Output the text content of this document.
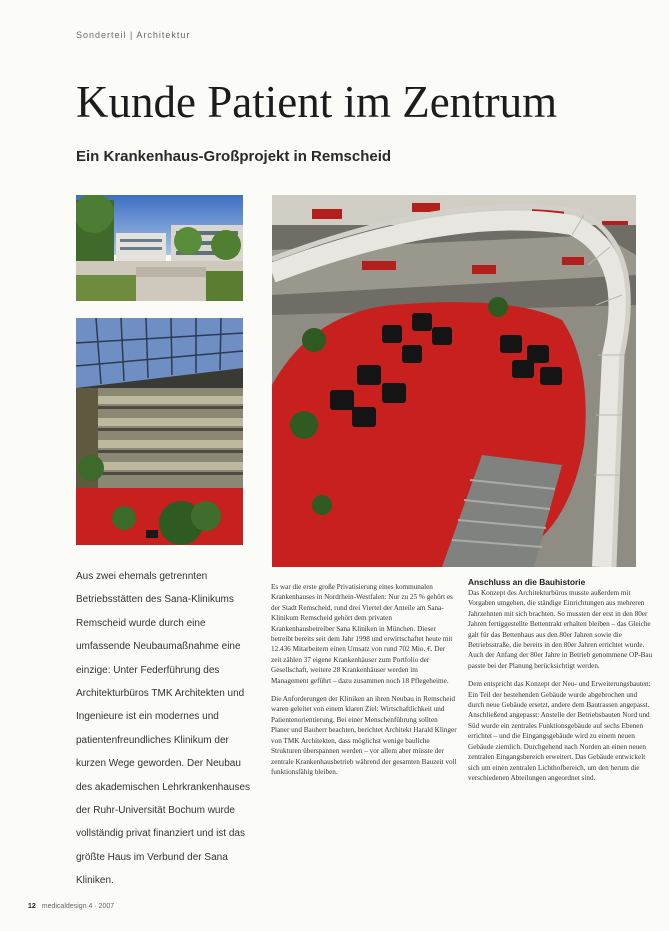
Sonderteil | Architektur
Kunde Patient im Zentrum
Ein Krankenhaus-Großprojekt in Remscheid

Aus zwei ehemals getrennten Betriebsstätten des Sana-Klinikums Remscheid wurde durch eine umfassende Neubaumaßnahme eine einzige: Unter Federführung des Architekturbüros TMK Architekten und Ingenieure ist ein modernes und patientenfreundliches Klinikum der kurzen Wege geworden. Der Neubau des akademischen Lehrkrankenhauses der Ruhr-Universität Bochum wurde vollständig privat finanziert und ist das größte Haus im Verbund der Sana Kliniken.

Es war die erste große Privatisierung eines kommunalen Krankenhauses in Nordrhein-Westfalen: Nur zu 25 % gehört es der Stadt Remscheid, rund drei Viertel der Anteile am Sana-Klinikum Remscheid gehört dem privaten Krankenhausbetreiber Sana Kliniken in München. Dieser betreibt bereits seit dem Jahr 1998 und erwirtschaftet heute mit 12.436 Mitarbeitern einen Umsatz von rund 702 Mio. €. Der zeit zählen 37 eigene Krankenhäuser zum Portfolio der Gesellschaft, weitere 28 Krankenhäuser werden im Management geführt – dazu zusammen noch 18 Pflegeheime.

Die Anforderungen der Kliniken an ihren Neubau in Remscheid waren geleitet von einem klaren Ziel: Wirtschaftlichkeit und Patientenorientierung. Bei einer Menschenführung sollten Planer und Bauherr beachten, berichtet Architekt Harald Klinger von TMK Architekten, dass möglichst wenige bauliche Strukturen überspannen werden – vor allem aber müsste der zentrale Krankenhausbetrieb während der gesamten Bauzeit voll funktionsfähig bleiben.

Anschluss an die Bauhistorie

Das Konzept des Architekturbüros musste außerdem mit Vorgaben umgehen, die ständige Einrichtungen aus mehreren Jahrzehnten mit sich brachten. So mussten der erst in den 80er Jahren fertiggestellte Bettentrakt erhalten bleiben – das Gleiche galt für das Bettenhaus aus den 80er Jahren sowie die Betriebsstraße, die bereits in den 80er Jahren errichtet wurde. Auch der Anfang der 80er Jahre in Betrieb genommene OP-Bau passte bei der Planung berücksichtigt werden.

Dem entspricht das Konzept der Neu- und Erweiterungsbauten: Ein Teil der bestehenden Gebäude wurde abgebrochen und durch neue Gebäude ersetzt, andere dem Bautrassen angepasst. Anschließend angepasst: Anstelle der Betriebsbauten Nord und Süd wurde ein zentrales Funktionsgebäude auf sechs Ebenen errichtet – und die Eingangsgebäude wird zu einem neuen Gebäude ziemlich. Durchgehend nach Norden an einen neuen zentralen Eingangsbereich erweitert. Das Gebäude entwickelt sich um einen zentralen Lichthofbereich, um den herum die verschiedenen Abteilungen angeordnet sind.

12 medicaldesign 4 · 2007
